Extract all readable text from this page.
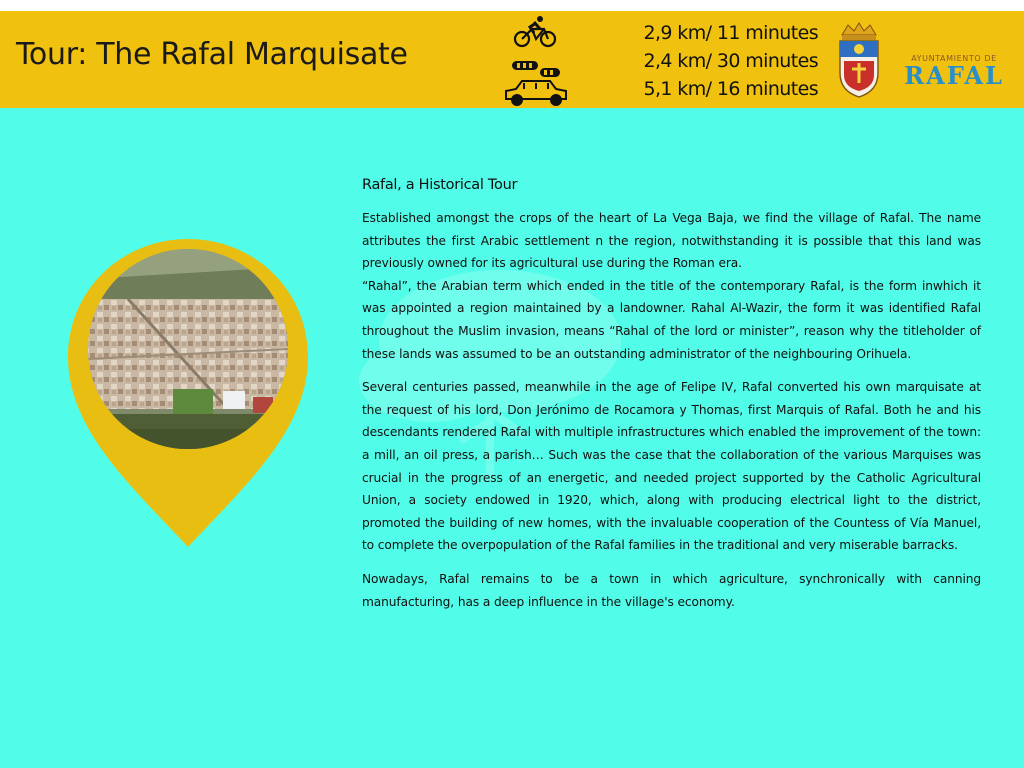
Tour: The Rafal Marquisate
2,9 km/ 11 minutes
2,4 km/ 30 minutes
5,1 km/ 16 minutes
AYUNTAMIENTO DE
RAFAL
Rafal, a Historical Tour

Established amongst the crops of the heart of La Vega Baja, we find the village of Rafal. The name attributes the first Arabic settlement n the region, notwithstanding it is possible that this land was previously owned for its agricultural use during the Roman era.

“Rahal”, the Arabian term which ended in the title of the contemporary Rafal, is the form inwhich it was appointed a region maintained by a landowner. Rahal Al-Wazir, the form it was identified Rafal throughout the Muslim invasion, means “Rahal of the lord or minister”, reason why the titleholder of these lands was assumed to be an outstanding administrator of the neighbouring Orihuela.

Several centuries passed, meanwhile in the age of Felipe IV, Rafal converted his own marquisate at the request of his lord, Don Jerónimo de Rocamora y Thomas, first Marquis of Rafal. Both he and his descendants rendered Rafal with multiple infrastructures which enabled the improvement of the town: a mill, an oil press, a parish… Such was the case that the collaboration of the various Marquises was crucial in the progress of an energetic, and needed project supported by the Catholic Agricultural Union, a society endowed in 1920, which, along with producing electrical light to the district, promoted the building of new homes, with the invaluable cooperation of the Countess of Vía Manuel, to complete the overpopulation of the Rafal families in the traditional and very miserable barracks.

Nowadays, Rafal remains to be a town in which agriculture, synchronically with canning manufacturing, has a deep influence in the village's economy.
